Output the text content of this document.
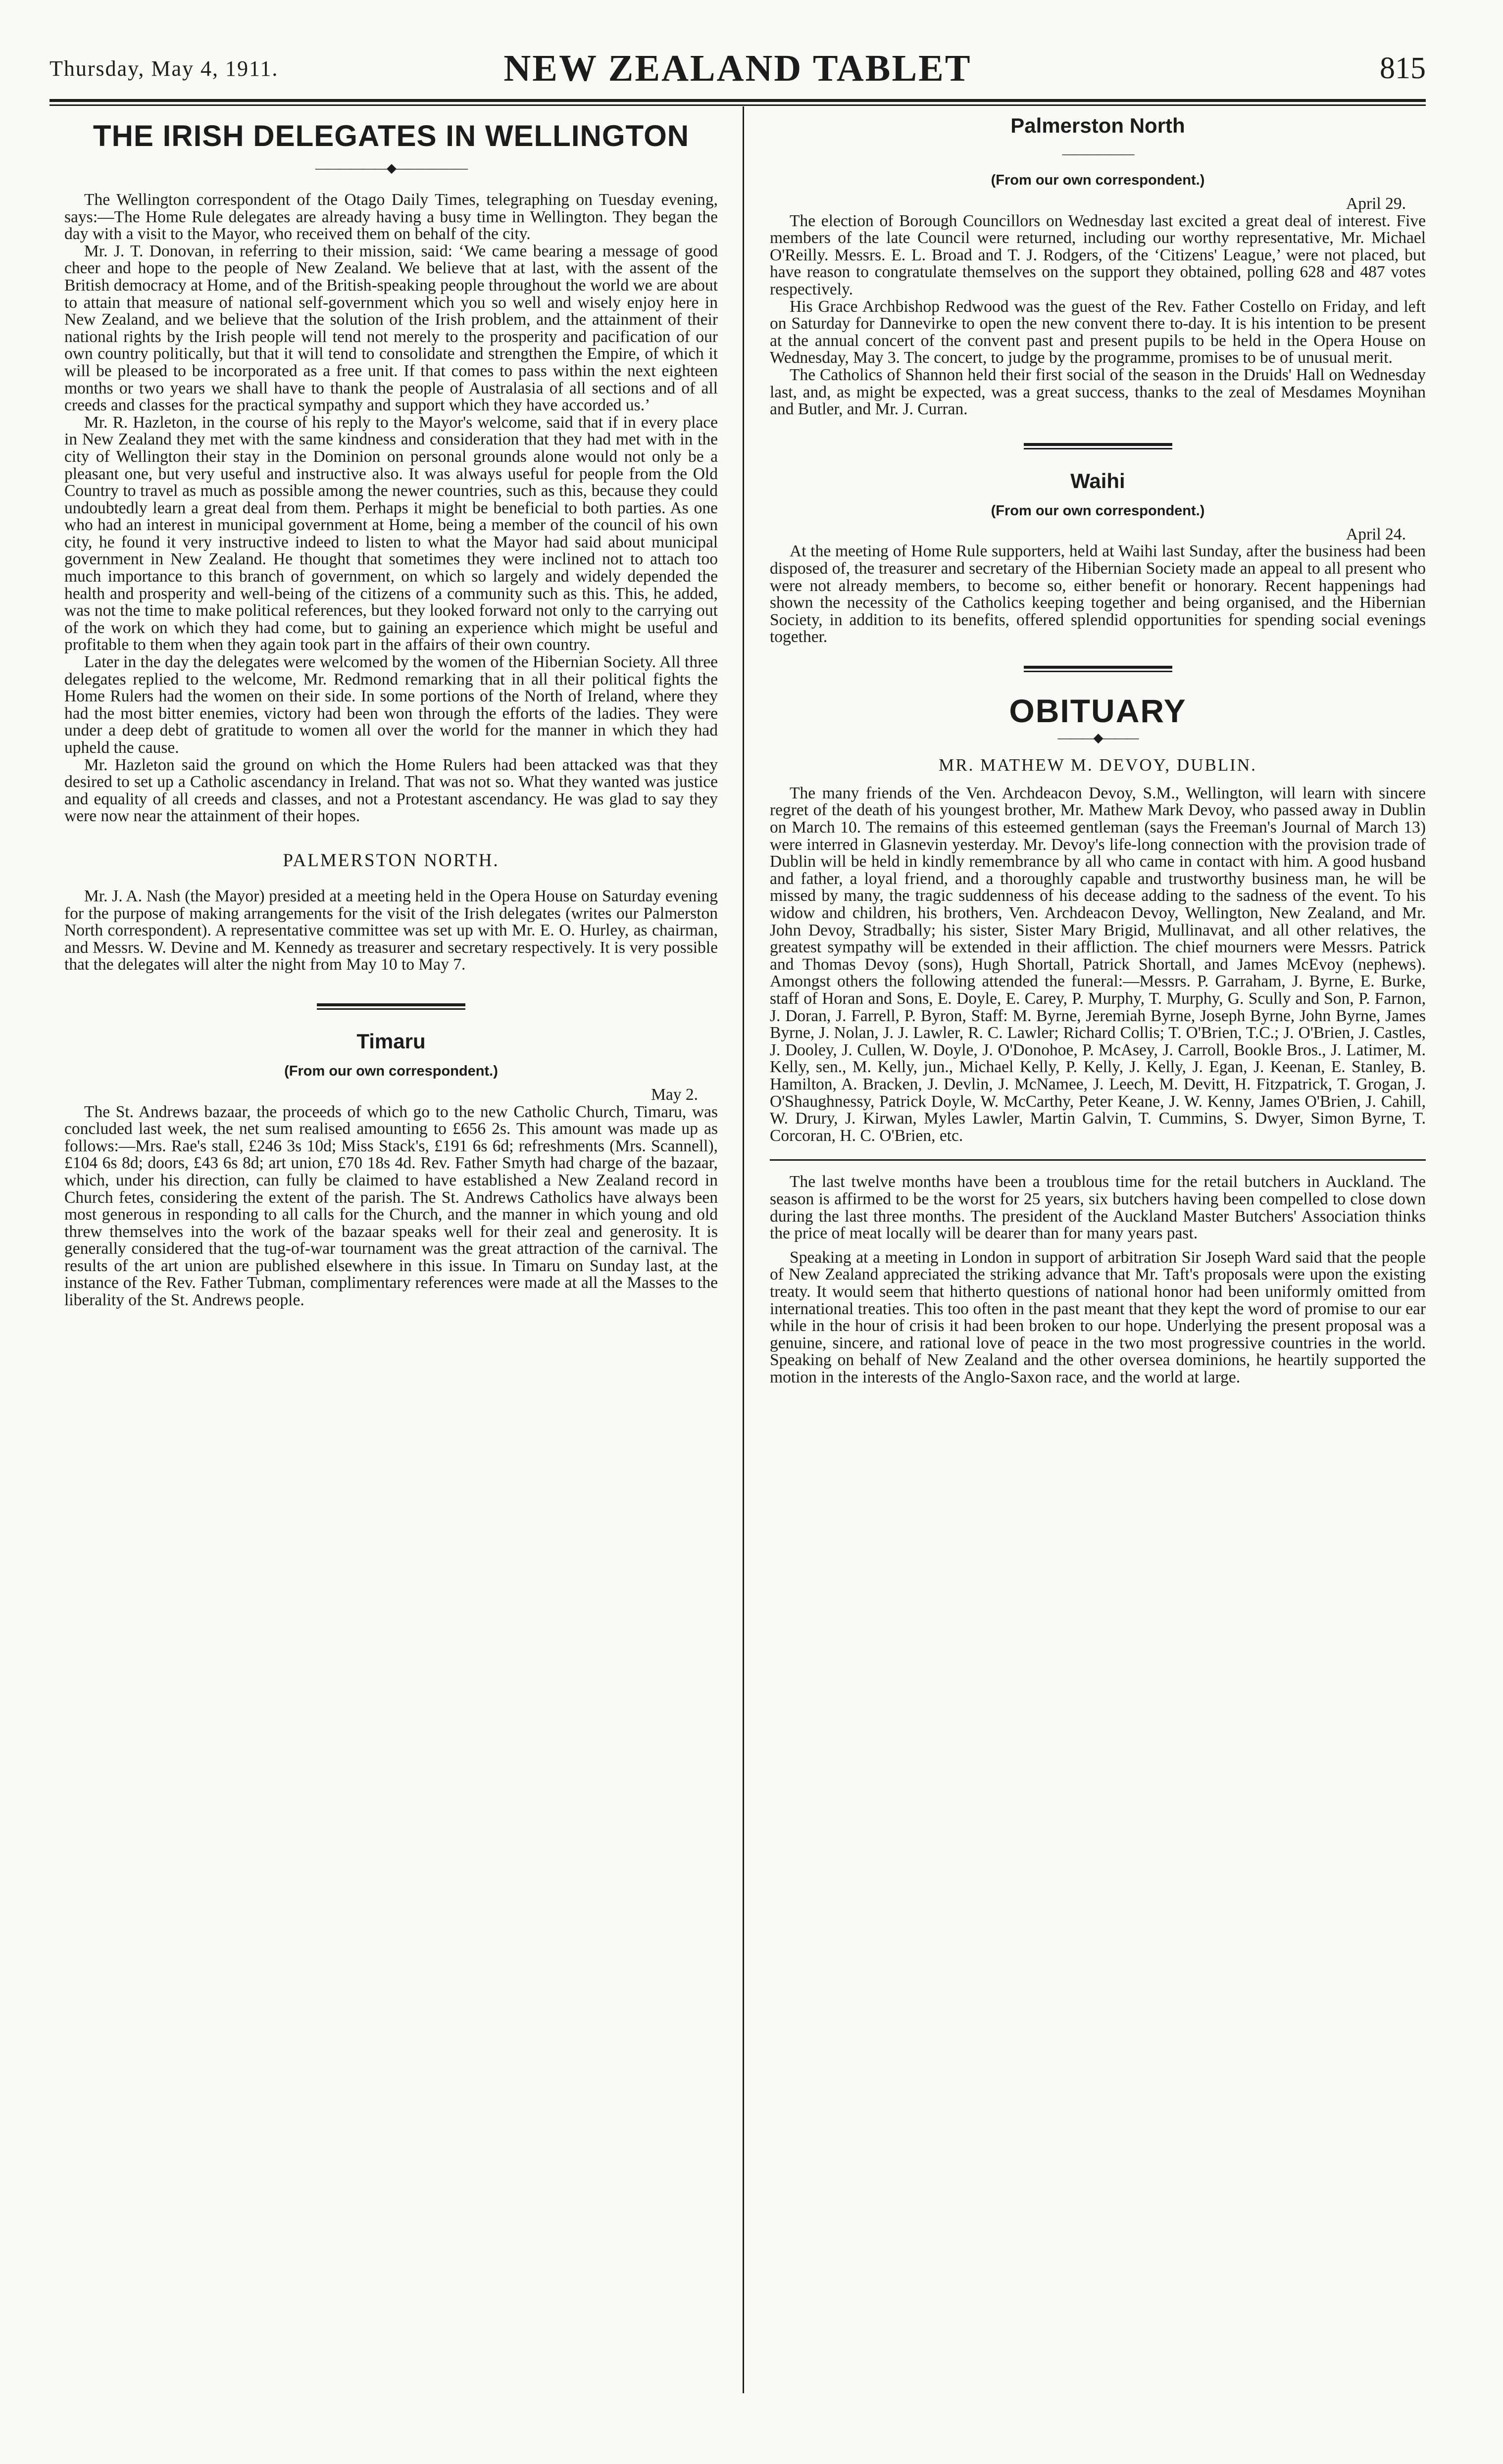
Thursday, May 4, 1911.	NEW ZEALAND TABLET	815
THE IRISH DELEGATES IN WELLINGTON
——————◆——————

The Wellington correspondent of the Otago Daily Times, telegraphing on Tuesday evening, says:—The Home Rule delegates are already having a busy time in Wellington. They began the day with a visit to the Mayor, who received them on behalf of the city.

Mr. J. T. Donovan, in referring to their mission, said: ‘We came bearing a message of good cheer and hope to the people of New Zealand. We believe that at last, with the assent of the British democracy at Home, and of the British-speaking people throughout the world we are about to attain that measure of national self-government which you so well and wisely enjoy here in New Zealand, and we believe that the solution of the Irish problem, and the attainment of their national rights by the Irish people will tend not merely to the prosperity and pacification of our own country politically, but that it will tend to consolidate and strengthen the Empire, of which it will be pleased to be incorporated as a free unit. If that comes to pass within the next eighteen months or two years we shall have to thank the people of Australasia of all sections and of all creeds and classes for the practical sympathy and support which they have accorded us.’

Mr. R. Hazleton, in the course of his reply to the Mayor's welcome, said that if in every place in New Zealand they met with the same kindness and consideration that they had met with in the city of Wellington their stay in the Dominion on personal grounds alone would not only be a pleasant one, but very useful and instructive also. It was always useful for people from the Old Country to travel as much as possible among the newer countries, such as this, because they could undoubtedly learn a great deal from them. Perhaps it might be beneficial to both parties. As one who had an interest in municipal government at Home, being a member of the council of his own city, he found it very instructive indeed to listen to what the Mayor had said about municipal government in New Zealand. He thought that sometimes they were inclined not to attach too much importance to this branch of government, on which so largely and widely depended the health and prosperity and well-being of the citizens of a community such as this. This, he added, was not the time to make political references, but they looked forward not only to the carrying out of the work on which they had come, but to gaining an experience which might be useful and profitable to them when they again took part in the affairs of their own country.

Later in the day the delegates were welcomed by the women of the Hibernian Society. All three delegates replied to the welcome, Mr. Redmond remarking that in all their political fights the Home Rulers had the women on their side. In some portions of the North of Ireland, where they had the most bitter enemies, victory had been won through the efforts of the ladies. They were under a deep debt of gratitude to women all over the world for the manner in which they had upheld the cause.

Mr. Hazleton said the ground on which the Home Rulers had been attacked was that they desired to set up a Catholic ascendancy in Ireland. That was not so. What they wanted was justice and equality of all creeds and classes, and not a Protestant ascendancy. He was glad to say they were now near the attainment of their hopes.

PALMERSTON NORTH.

Mr. J. A. Nash (the Mayor) presided at a meeting held in the Opera House on Saturday evening for the purpose of making arrangements for the visit of the Irish delegates (writes our Palmerston North correspondent). A representative committee was set up with Mr. E. O. Hurley, as chairman, and Messrs. W. Devine and M. Kennedy as treasurer and secretary respectively. It is very possible that the delegates will alter the night from May 10 to May 7.

Timaru
(From our own correspondent.)
May 2.

The St. Andrews bazaar, the proceeds of which go to the new Catholic Church, Timaru, was concluded last week, the net sum realised amounting to £656 2s. This amount was made up as follows:—Mrs. Rae's stall, £246 3s 10d; Miss Stack's, £191 6s 6d; refreshments (Mrs. Scannell), £104 6s 8d; doors, £43 6s 8d; art union, £70 18s 4d. Rev. Father Smyth had charge of the bazaar, which, under his direction, can fully be claimed to have established a New Zealand record in Church fetes, considering the extent of the parish. The St. Andrews Catholics have always been most generous in responding to all calls for the Church, and the manner in which young and old threw themselves into the work of the bazaar speaks well for their zeal and generosity. It is generally considered that the tug-of-war tournament was the great attraction of the carnival. The results of the art union are published elsewhere in this issue. In Timaru on Sunday last, at the instance of the Rev. Father Tubman, complimentary references were made at all the Masses to the liberality of the St. Andrews people.

Palmerston North
——————
(From our own correspondent.)
April 29.

The election of Borough Councillors on Wednesday last excited a great deal of interest. Five members of the late Council were returned, including our worthy representative, Mr. Michael O'Reilly. Messrs. E. L. Broad and T. J. Rodgers, of the ‘Citizens' League,’ were not placed, but have reason to congratulate themselves on the support they obtained, polling 628 and 487 votes respectively.

His Grace Archbishop Redwood was the guest of the Rev. Father Costello on Friday, and left on Saturday for Dannevirke to open the new convent there to-day. It is his intention to be present at the annual concert of the convent past and present pupils to be held in the Opera House on Wednesday, May 3. The concert, to judge by the programme, promises to be of unusual merit.

The Catholics of Shannon held their first social of the season in the Druids' Hall on Wednesday last, and, as might be expected, was a great success, thanks to the zeal of Mesdames Moynihan and Butler, and Mr. J. Curran.

Waihi
(From our own correspondent.)
April 24.

At the meeting of Home Rule supporters, held at Waihi last Sunday, after the business had been disposed of, the treasurer and secretary of the Hibernian Society made an appeal to all present who were not already members, to become so, either benefit or honorary. Recent happenings had shown the necessity of the Catholics keeping together and being organised, and the Hibernian Society, in addition to its benefits, offered splendid opportunities for spending social evenings together.

OBITUARY
———◆———
MR. MATHEW M. DEVOY, DUBLIN.

The many friends of the Ven. Archdeacon Devoy, S.M., Wellington, will learn with sincere regret of the death of his youngest brother, Mr. Mathew Mark Devoy, who passed away in Dublin on March 10. The remains of this esteemed gentleman (says the Freeman's Journal of March 13) were interred in Glasnevin yesterday. Mr. Devoy's life-long connection with the provision trade of Dublin will be held in kindly remembrance by all who came in contact with him. A good husband and father, a loyal friend, and a thoroughly capable and trustworthy business man, he will be missed by many, the tragic suddenness of his decease adding to the sadness of the event. To his widow and children, his brothers, Ven. Archdeacon Devoy, Wellington, New Zealand, and Mr. John Devoy, Stradbally; his sister, Sister Mary Brigid, Mullinavat, and all other relatives, the greatest sympathy will be extended in their affliction. The chief mourners were Messrs. Patrick and Thomas Devoy (sons), Hugh Shortall, Patrick Shortall, and James McEvoy (nephews). Amongst others the following attended the funeral:—Messrs. P. Garraham, J. Byrne, E. Burke, staff of Horan and Sons, E. Doyle, E. Carey, P. Murphy, T. Murphy, G. Scully and Son, P. Farnon, J. Doran, J. Farrell, P. Byron, Staff: M. Byrne, Jeremiah Byrne, Joseph Byrne, John Byrne, James Byrne, J. Nolan, J. J. Lawler, R. C. Lawler; Richard Collis; T. O'Brien, T.C.; J. O'Brien, J. Castles, J. Dooley, J. Cullen, W. Doyle, J. O'Donohoe, P. McAsey, J. Carroll, Bookle Bros., J. Latimer, M. Kelly, sen., M. Kelly, jun., Michael Kelly, P. Kelly, J. Kelly, J. Egan, J. Keenan, E. Stanley, B. Hamilton, A. Bracken, J. Devlin, J. McNamee, J. Leech, M. Devitt, H. Fitzpatrick, T. Grogan, J. O'Shaughnessy, Patrick Doyle, W. McCarthy, Peter Keane, J. W. Kenny, James O'Brien, J. Cahill, W. Drury, J. Kirwan, Myles Lawler, Martin Galvin, T. Cummins, S. Dwyer, Simon Byrne, T. Corcoran, H. C. O'Brien, etc.

The last twelve months have been a troublous time for the retail butchers in Auckland. The season is affirmed to be the worst for 25 years, six butchers having been compelled to close down during the last three months. The president of the Auckland Master Butchers' Association thinks the price of meat locally will be dearer than for many years past.

Speaking at a meeting in London in support of arbitration Sir Joseph Ward said that the people of New Zealand appreciated the striking advance that Mr. Taft's proposals were upon the existing treaty. It would seem that hitherto questions of national honor had been uniformly omitted from international treaties. This too often in the past meant that they kept the word of promise to our ear while in the hour of crisis it had been broken to our hope. Underlying the present proposal was a genuine, sincere, and rational love of peace in the two most progressive countries in the world. Speaking on behalf of New Zealand and the other oversea dominions, he heartily supported the motion in the interests of the Anglo-Saxon race, and the world at large.
